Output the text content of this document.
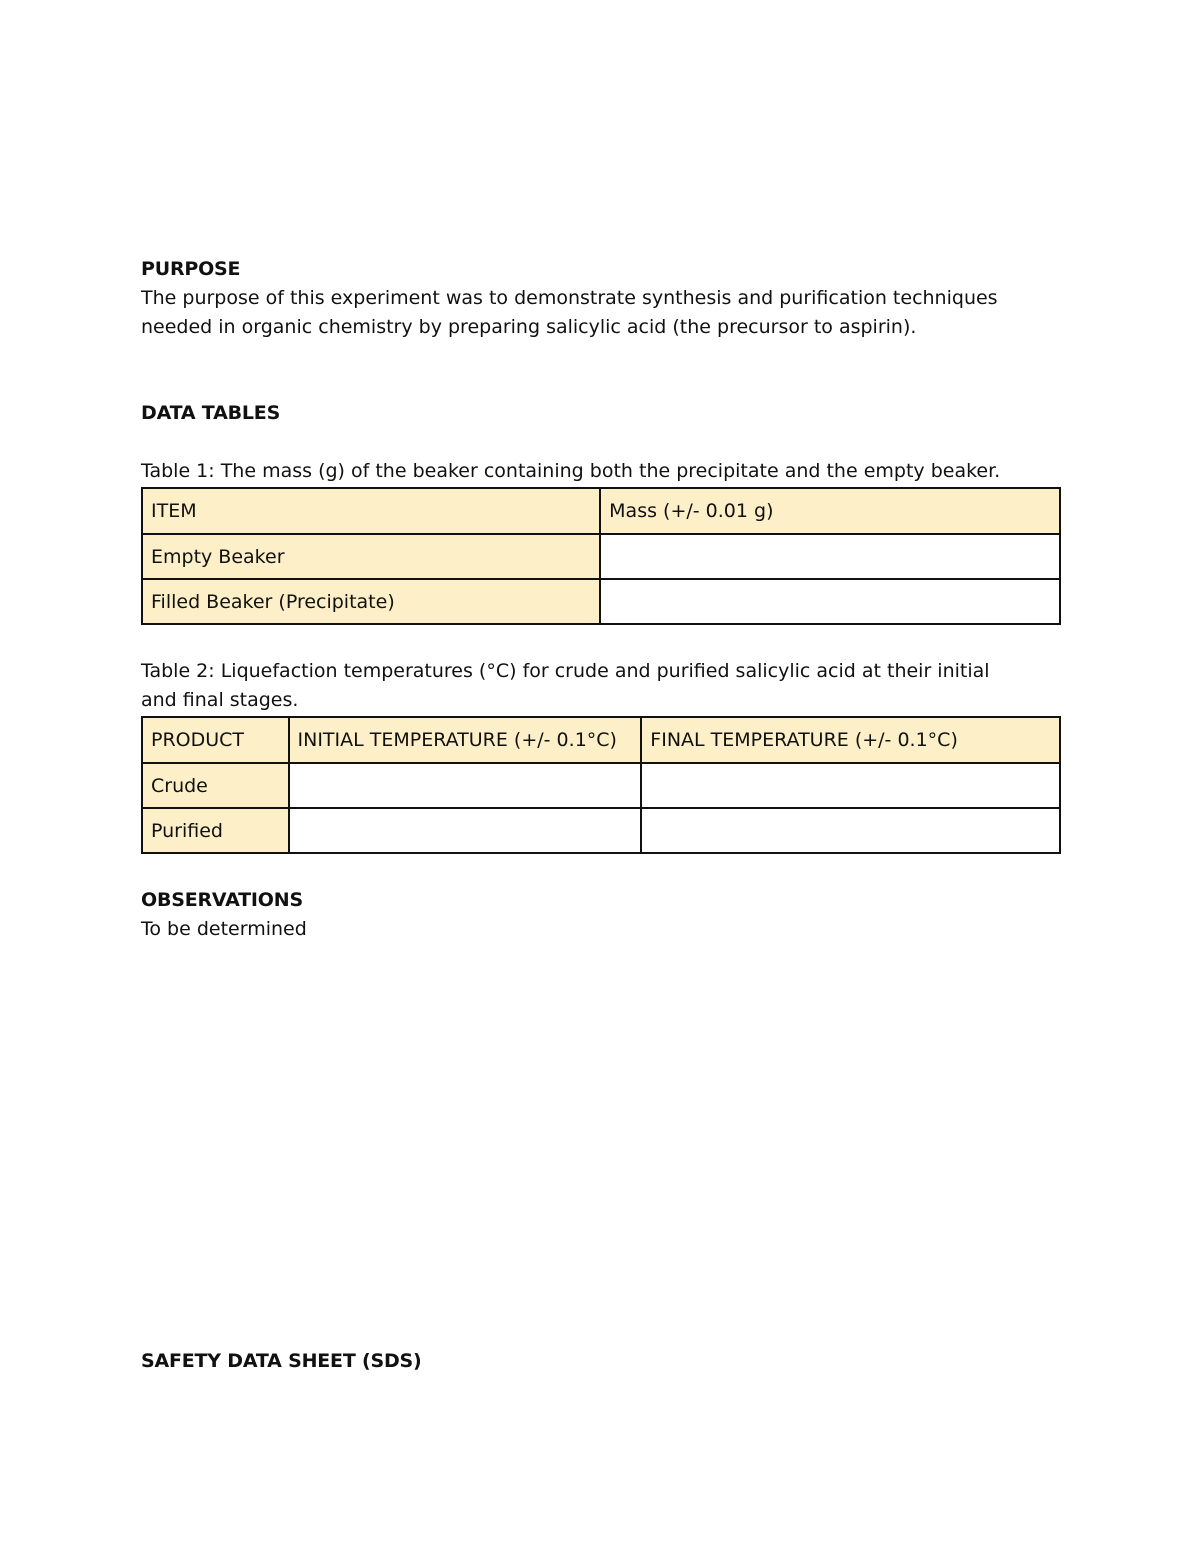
PURPOSE
The purpose of this experiment was to demonstrate synthesis and purification techniques
needed in organic chemistry by preparing salicylic acid (the precursor to aspirin).
DATA TABLES
Table 1: The mass (g) of the beaker containing both the precipitate and the empty beaker.
ITEM	Mass (+/- 0.01 g)
Empty Beaker	
Filled Beaker (Precipitate)	
Table 2: Liquefaction temperatures (°C) for crude and purified salicylic acid at their initial
and final stages.
PRODUCT	INITIAL TEMPERATURE (+/- 0.1°C)	FINAL TEMPERATURE (+/- 0.1°C)
Crude		
Purified		
OBSERVATIONS
To be determined
SAFETY DATA SHEET (SDS)
